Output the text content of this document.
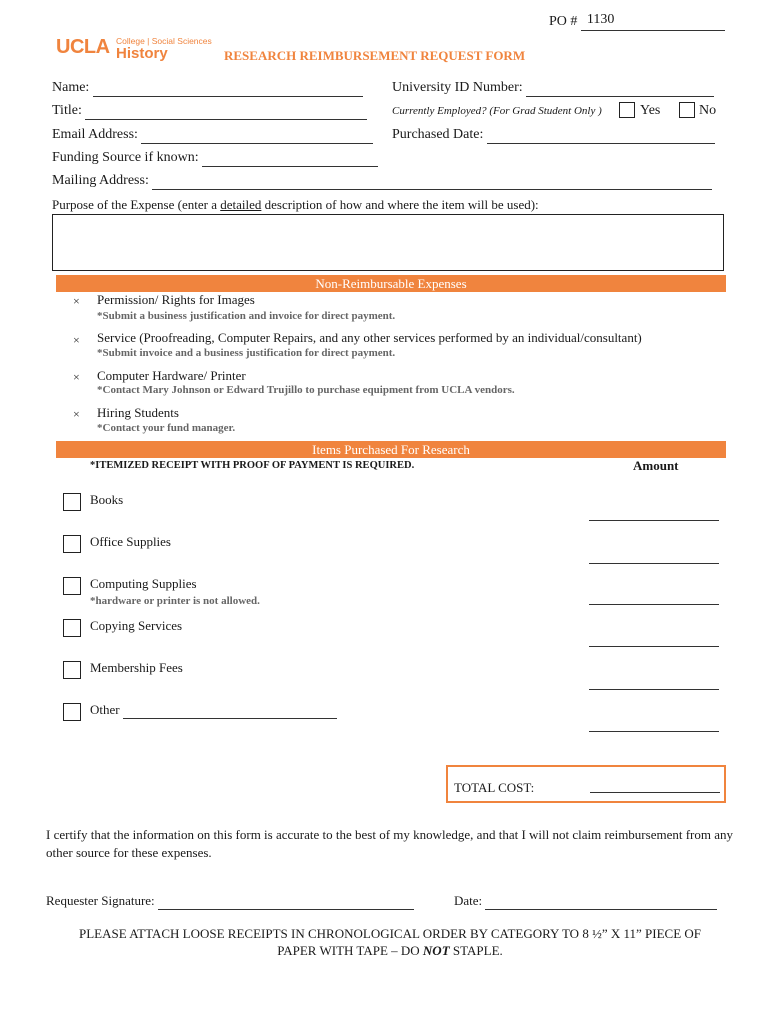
PO # 1130

UCLA College | Social Sciences
History	RESEARCH REIMBURSEMENT REQUEST FORM
Name:	University ID Number:
Title:	Currently Employed? (For Grad Student Only )	Yes	No
Email Address:	Purchased Date:
Funding Source if known:
Mailing Address:
Purpose of the Expense (enter a detailed description of how and where the item will be used):
Non-Reimbursable Expenses
× Permission/ Rights for Images
*Submit a business justification and invoice for direct payment.
× Service (Proofreading, Computer Repairs, and any other services performed by an individual/consultant)
*Submit invoice and a business justification for direct payment.
× Computer Hardware/ Printer
*Contact Mary Johnson or Edward Trujillo to purchase equipment from UCLA vendors.
× Hiring Students
*Contact your fund manager.
Items Purchased For Research
*ITEMIZED RECEIPT WITH PROOF OF PAYMENT IS REQUIRED.	Amount
Books
Office Supplies
Computing Supplies
*hardware or printer is not allowed.
Copying Services
Membership Fees
Other
TOTAL COST:
I certify that the information on this form is accurate to the best of my knowledge, and that I will not claim reimbursement from any other source for these expenses.
Requester Signature:	Date:
PLEASE ATTACH LOOSE RECEIPTS IN CHRONOLOGICAL ORDER BY CATEGORY TO 8 ½” X 11” PIECE OF
PAPER WITH TAPE – DO NOT STAPLE.
